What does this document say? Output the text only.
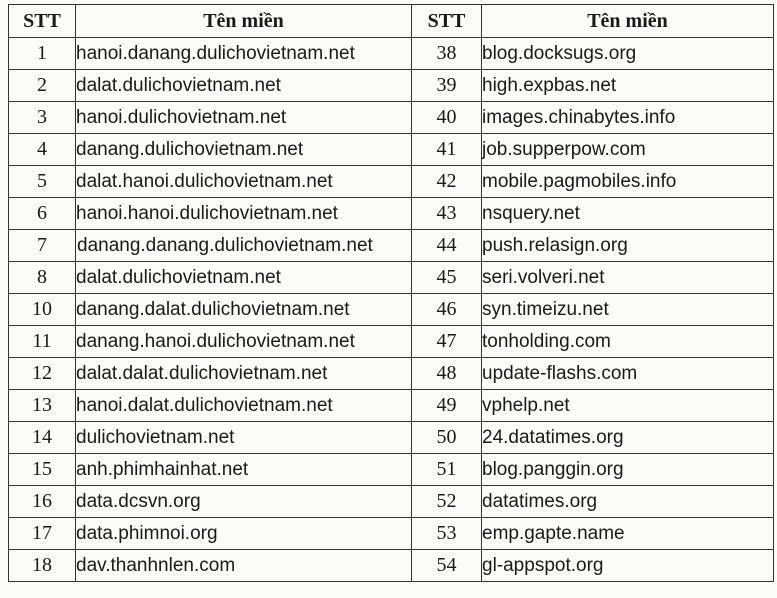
STT	Tên miền	STT	Tên miền
1	hanoi.danang.dulichovietnam.net	38	blog.docksugs.org
2	dalat.dulichovietnam.net	39	high.expbas.net
3	hanoi.dulichovietnam.net	40	images.chinabytes.info
4	danang.dulichovietnam.net	41	job.supperpow.com
5	dalat.hanoi.dulichovietnam.net	42	mobile.pagmobiles.info
6	hanoi.hanoi.dulichovietnam.net	43	nsquery.net
7	danang.danang.dulichovietnam.net	44	push.relasign.org
8	dalat.dulichovietnam.net	45	seri.volveri.net
10	danang.dalat.dulichovietnam.net	46	syn.timeizu.net
11	danang.hanoi.dulichovietnam.net	47	tonholding.com
12	dalat.dalat.dulichovietnam.net	48	update-flashs.com
13	hanoi.dalat.dulichovietnam.net	49	vphelp.net
14	dulichovietnam.net	50	24.datatimes.org
15	anh.phimhainhat.net	51	blog.panggin.org
16	data.dcsvn.org	52	datatimes.org
17	data.phimnoi.org	53	emp.gapte.name
18	dav.thanhnlen.com	54	gl-appspot.org
